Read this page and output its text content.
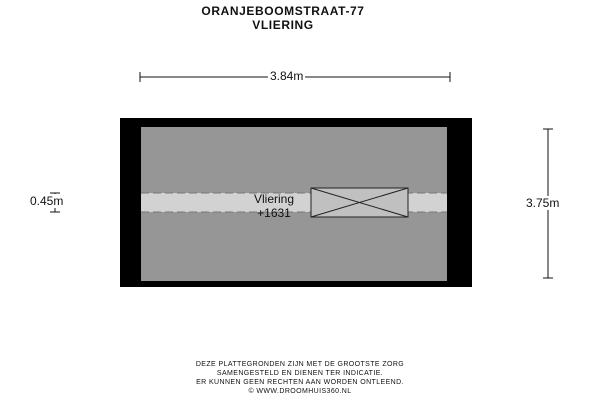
ORANJEBOOMSTRAAT-77
VLIERING
3.84m
0.45m	3.75m
Vliering
+1631
DEZE PLATTEGRONDEN ZIJN MET DE GROOTSTE ZORG
SAMENGESTELD EN DIENEN TER INDICATIE.
ER KUNNEN GEEN RECHTEN AAN WORDEN ONTLEEND.
© WWW.DROOMHUIS360.NL
